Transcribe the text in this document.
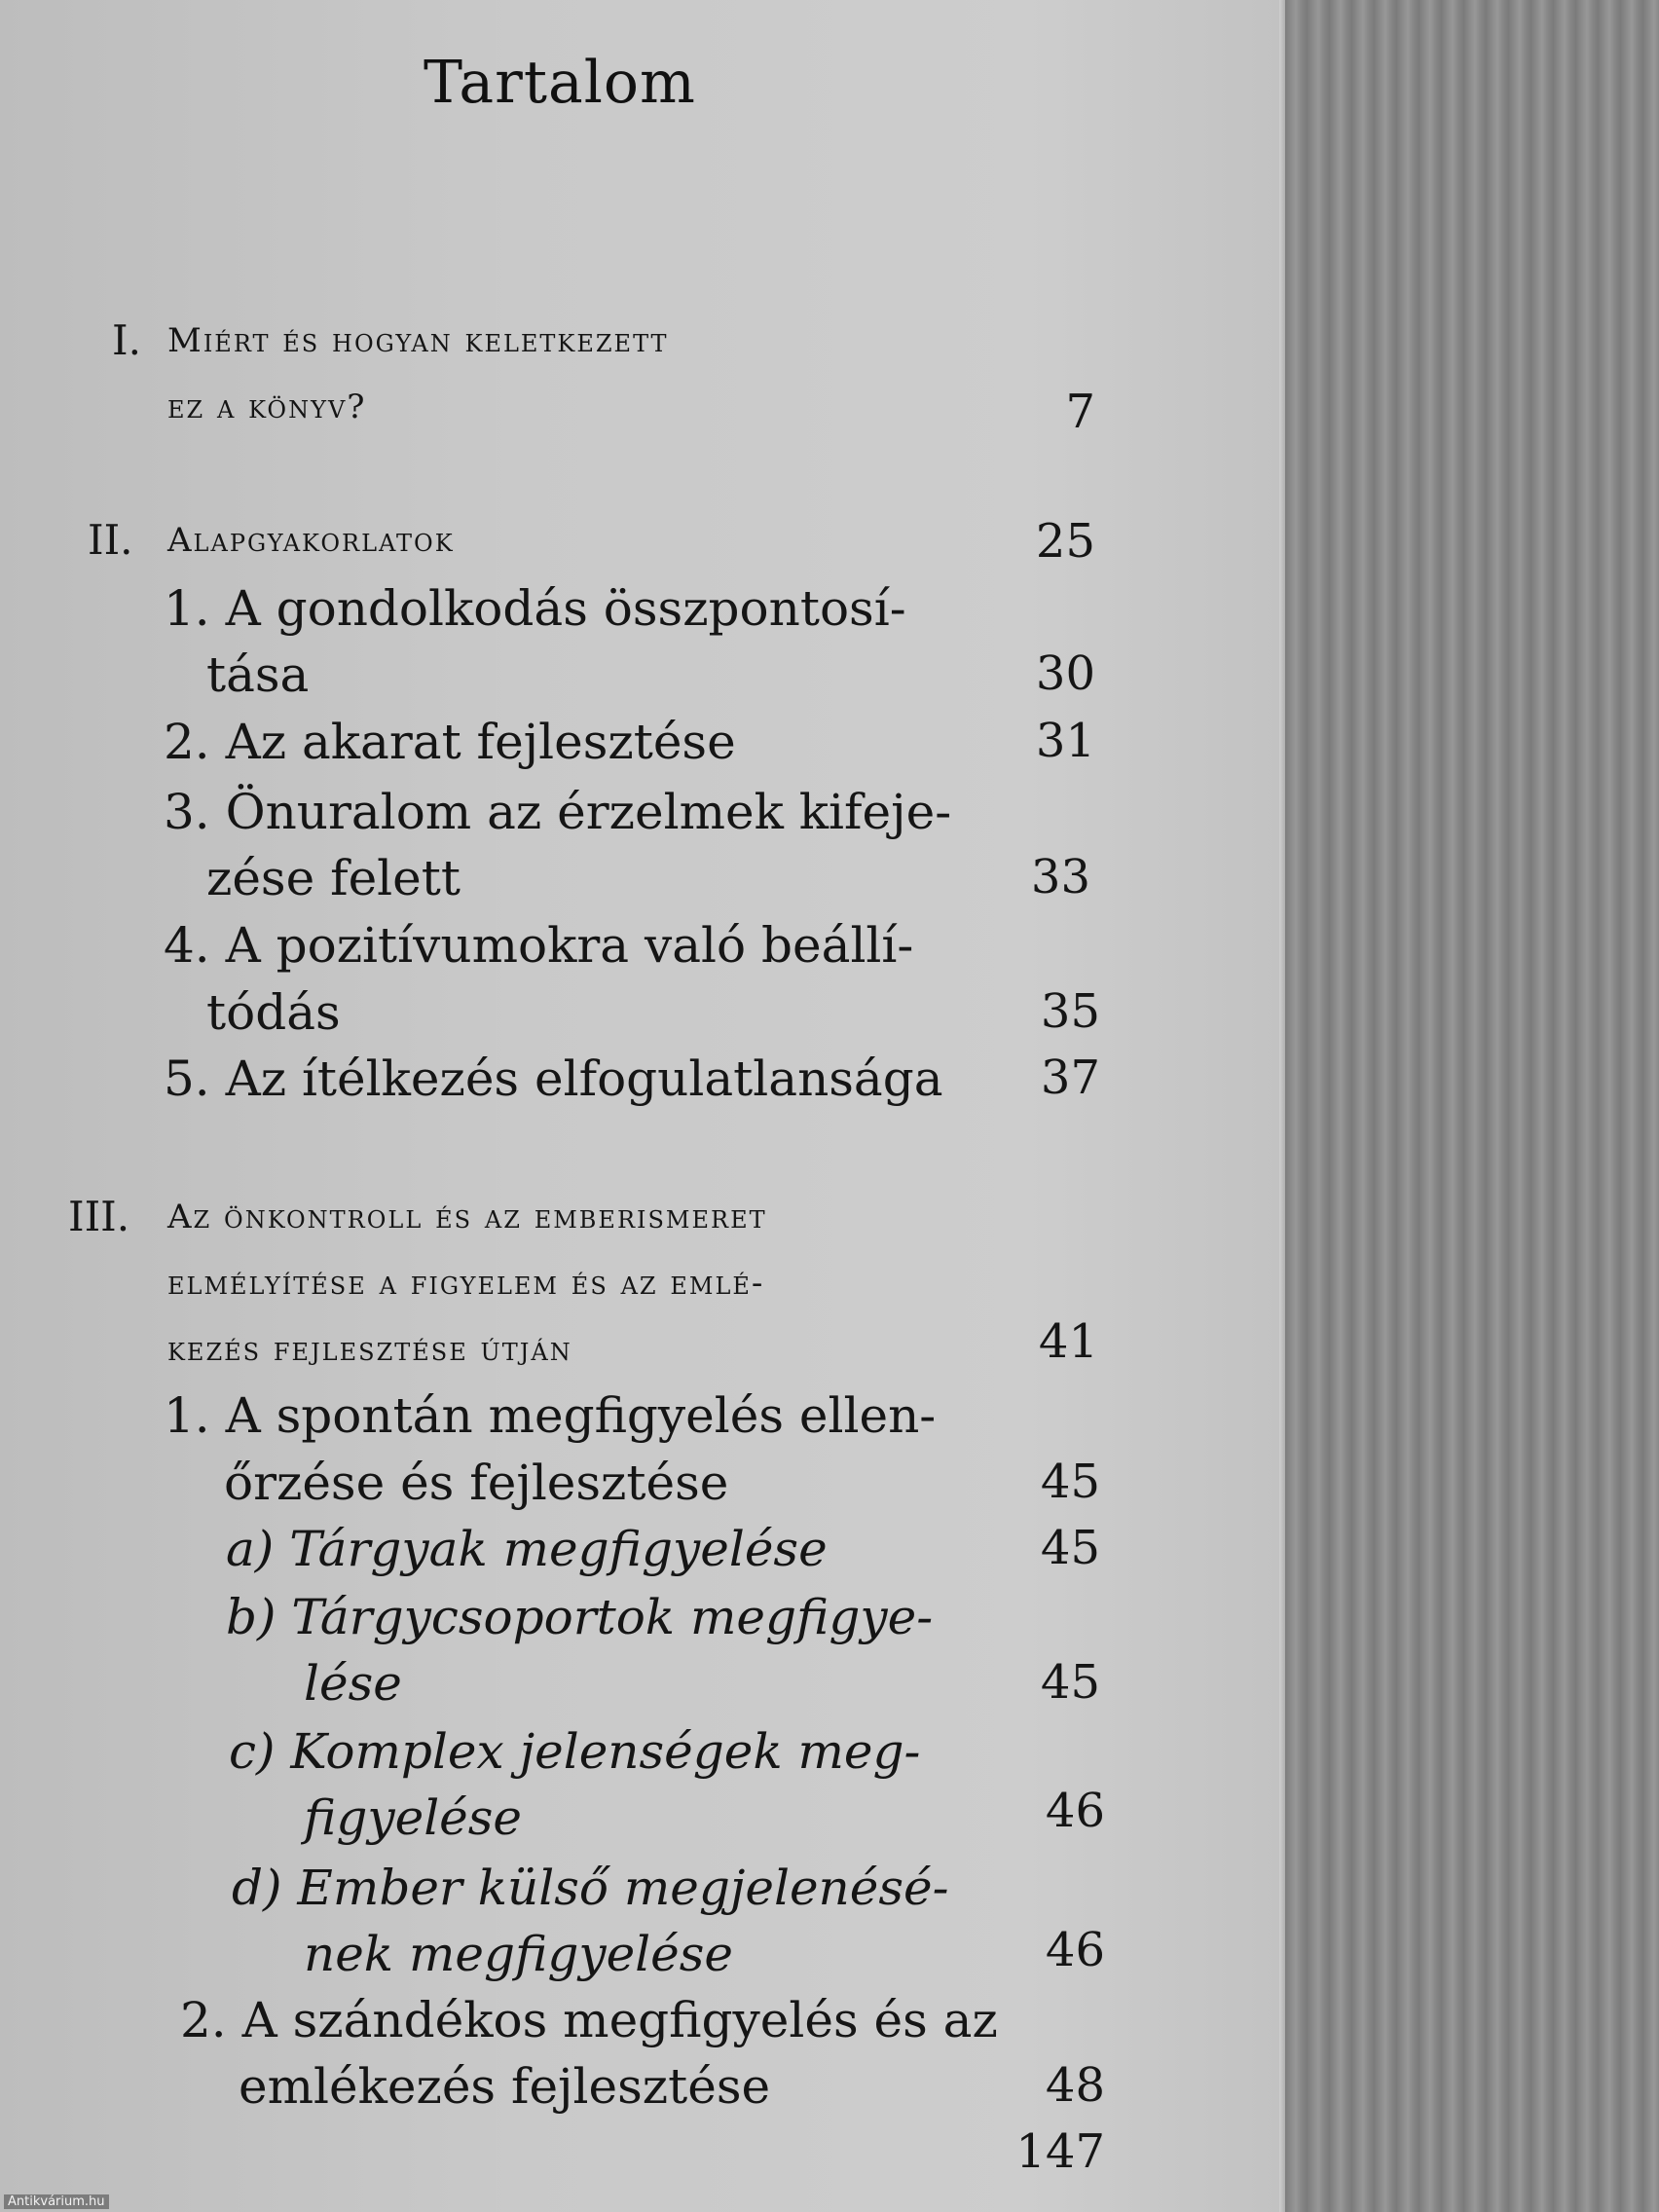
Tartalom
I. Miért és hogyan keletkezett
ez a könyv?	7
II. Alapgyakorlatok	25
1. A gondolkodás összpontosí-
tása	30
2. Az akarat fejlesztése	31
3. Önuralom az érzelmek kifeje-
zése felett	33
4. A pozitívumokra való beállí-
tódás	35
5. Az ítélkezés elfogulatlansága	37
III. Az önkontroll és az emberismeret
elmélyítése a figyelem és az emlé-
kezés fejlesztése útján	41
1. A spontán megfigyelés ellen-
őrzése és fejlesztése	45
a) Tárgyak megfigyelése	45
b) Tárgycsoportok megfigye-
lése	45
c) Komplex jelenségek meg-
figyelése	46
d) Ember külső megjelenésé-
nek megfigyelése	46
2. A szándékos megfigyelés és az
emlékezés fejlesztése	48
147
Antikvárium.hu
